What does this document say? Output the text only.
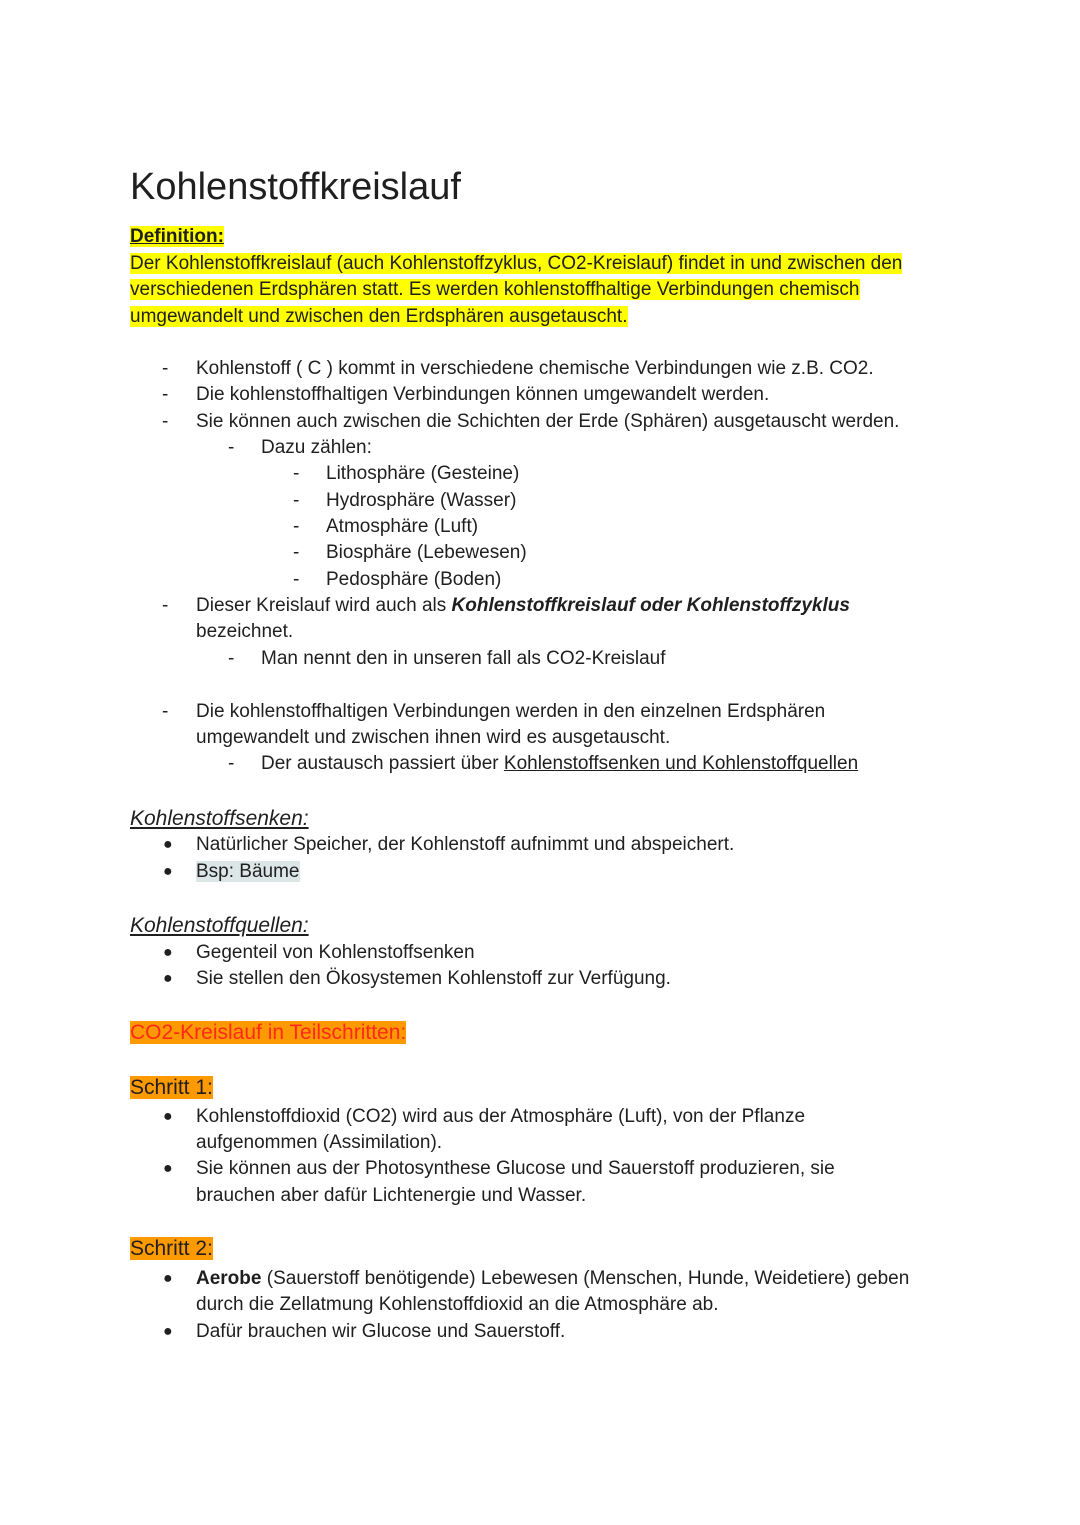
Kohlenstoffkreislauf
Definition:
Der Kohlenstoffkreislauf (auch Kohlenstoffzyklus, CO2-Kreislauf) findet in und zwischen den
verschiedenen Erdsphären statt. Es werden kohlenstoffhaltige Verbindungen chemisch
umgewandelt und zwischen den Erdsphären ausgetauscht.
- Kohlenstoff ( C ) kommt in verschiedene chemische Verbindungen wie z.B. CO2.
- Die kohlenstoffhaltigen Verbindungen können umgewandelt werden.
- Sie können auch zwischen die Schichten der Erde (Sphären) ausgetauscht werden.
- Dazu zählen:
- Lithosphäre (Gesteine)
- Hydrosphäre (Wasser)
- Atmosphäre (Luft)
- Biosphäre (Lebewesen)
- Pedosphäre (Boden)
- Dieser Kreislauf wird auch als Kohlenstoffkreislauf oder Kohlenstoffzyklus
bezeichnet.
- Man nennt den in unseren fall als CO2-Kreislauf
- Die kohlenstoffhaltigen Verbindungen werden in den einzelnen Erdsphären
umgewandelt und zwischen ihnen wird es ausgetauscht.
- Der austausch passiert über Kohlenstoffsenken und Kohlenstoffquellen
Kohlenstoffsenken:
● Natürlicher Speicher, der Kohlenstoff aufnimmt und abspeichert.
● Bsp: Bäume
Kohlenstoffquellen:
● Gegenteil von Kohlenstoffsenken
● Sie stellen den Ökosystemen Kohlenstoff zur Verfügung.
CO2-Kreislauf in Teilschritten:
Schritt 1:
● Kohlenstoffdioxid (CO2) wird aus der Atmosphäre (Luft), von der Pflanze
aufgenommen (Assimilation).
● Sie können aus der Photosynthese Glucose und Sauerstoff produzieren, sie
brauchen aber dafür Lichtenergie und Wasser.
Schritt 2:
● Aerobe (Sauerstoff benötigende) Lebewesen (Menschen, Hunde, Weidetiere) geben
durch die Zellatmung Kohlenstoffdioxid an die Atmosphäre ab.
● Dafür brauchen wir Glucose und Sauerstoff.
